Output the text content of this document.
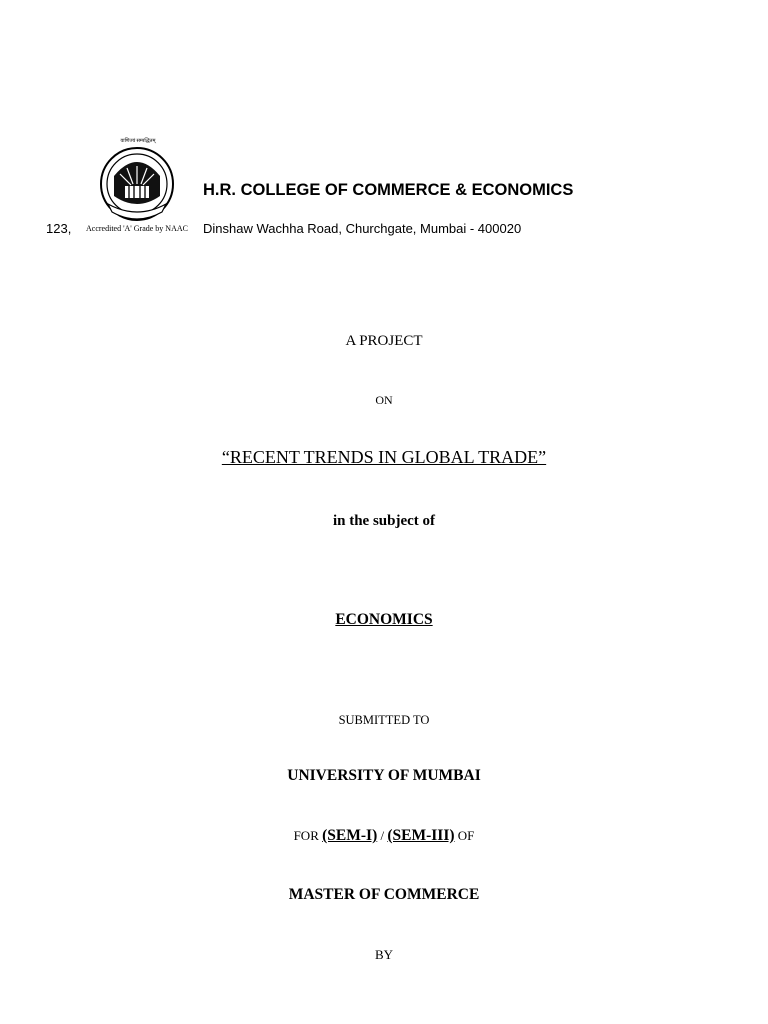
वाणिज्यं सम्पद्धितम्
H.R. COLLEGE OF COMMERCE & ECONOMICS
123, Accredited 'A' Grade by NAAC Dinshaw Wachha Road, Churchgate, Mumbai - 400020
A PROJECT
ON
“RECENT TRENDS IN GLOBAL TRADE”
in the subject of
ECONOMICS
SUBMITTED TO
UNIVERSITY OF MUMBAI
FOR (SEM-I) / (SEM-III) OF
MASTER OF COMMERCE
BY
